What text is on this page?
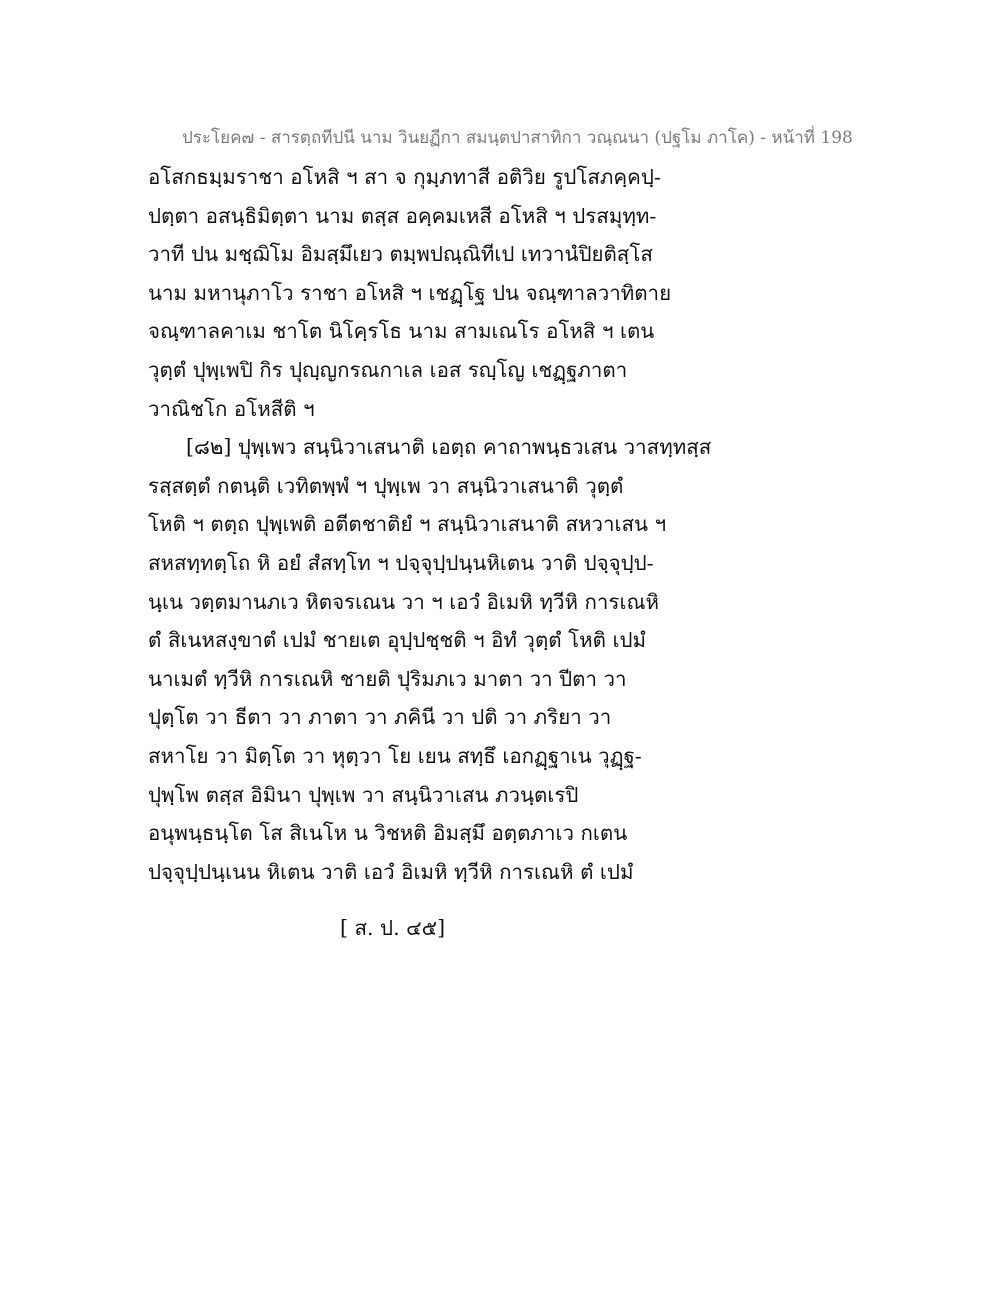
ประโยค๗ - สารตฺถทีปนี นาม วินยฏีกา สมนฺตปาสาทิกา วณฺณนา (ปฐโม ภาโค) - หน้าที่ 198
อโสกธมฺมราชา อโหสิ ฯ สา จ กุมฺภทาสี อติวิย รูปโสภคฺคปฺ-
ปตฺตา อสนฺธิมิตฺตา นาม ตสฺส อคฺคมเหสี อโหสิ ฯ ปรสมุทฺท-
วาที ปน มชฺฌิโม อิมสฺมึเยว ตมฺพปณฺณิทีเป เทวานํปิยติสฺโส
นาม มหานุภาโว ราชา อโหสิ ฯ เชฏฺโฐ ปน จณฺฑาลวาทิตาย
จณฺฑาลคาเม ชาโต นิโคฺรโธ นาม สามเณโร อโหสิ ฯ เตน
วุตฺตํ ปุพฺเพปิ กิร ปุญฺญกรณกาเล เอส รญฺโญ เชฏฺฐภาตา
วาณิชโก อโหสีติ ฯ
[๘๒] ปุพฺเพว สนฺนิวาเสนาติ เอตฺถ คาถาพนฺธวเสน วาสทฺทสฺส
รสฺสตฺตํ กตนฺติ เวทิตพฺพํ ฯ ปุพฺเพ วา สนฺนิวาเสนาติ วุตฺตํ
โหติ ฯ ตตฺถ ปุพฺเพติ อตีตชาติยํ ฯ สนฺนิวาเสนาติ สหวาเสน ฯ
สหสทฺทตฺโถ หิ อยํ สํสทฺโท ฯ ปจฺจุปฺปนฺนหิเตน วาติ ปจฺจุปฺป-
นฺเน วตฺตมานภเว หิตจรเณน วา ฯ เอวํ อิเมหิ ทฺวีหิ การเณหิ
ตํ สิเนหสงฺขาตํ เปมํ ชายเต อุปฺปชฺชติ ฯ อิทํ วุตฺตํ โหติ เปมํ
นาเมตํ ทฺวีหิ การเณหิ ชายติ ปุริมภเว มาตา วา ปีตา วา
ปุตฺโต วา ธีตา วา ภาตา วา ภคินี วา ปติ วา ภริยา วา
สหาโย วา มิตฺโต วา หุตฺวา โย เยน สทฺธึ เอกฏฺฐาเน วุฏฺฐ-
ปุพฺโพ ตสฺส อิมินา ปุพฺเพ วา สนฺนิวาเสน ภวนฺตเรปิ
อนุพนฺธนฺโต โส สิเนโห น วิชหติ อิมสฺมึ อตฺตภาเว กเตน
ปจฺจุปฺปนฺเนน หิเตน วาติ เอวํ อิเมหิ ทฺวีหิ การเณหิ ตํ เปมํ
[ ส. ป. ๔๕]
